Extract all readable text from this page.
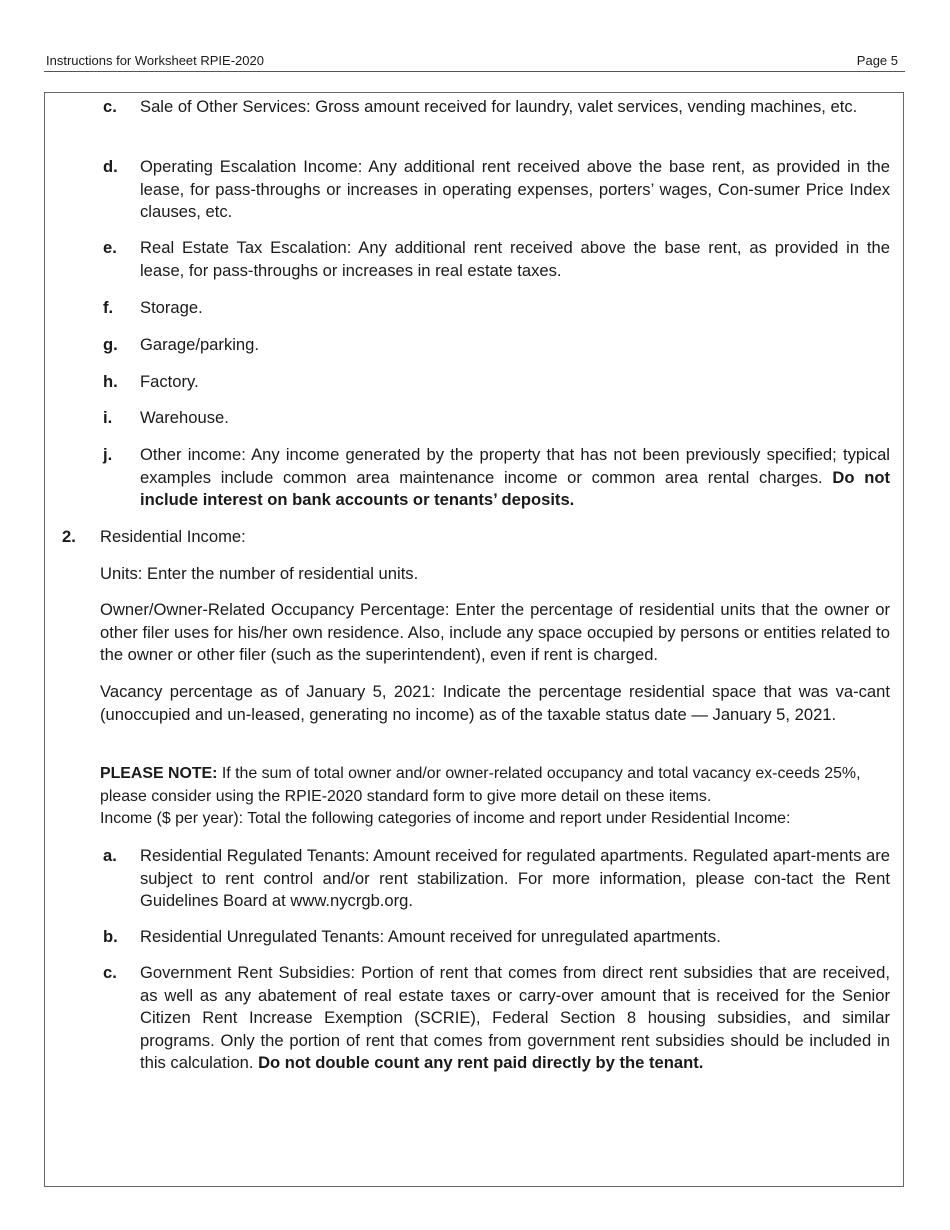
Instructions for Worksheet RPIE-2020	Page 5
c. Sale of Other Services: Gross amount received for laundry, valet services, vending machines, etc.
d. Operating Escalation Income: Any additional rent received above the base rent, as provided in the lease, for pass-throughs or increases in operating expenses, porters’ wages, Con-sumer Price Index clauses, etc.
e. Real Estate Tax Escalation: Any additional rent received above the base rent, as provided in the lease, for pass-throughs or increases in real estate taxes.
f. Storage.
g. Garage/parking.
h. Factory.
i. Warehouse.
j. Other income: Any income generated by the property that has not been previously specified; typical examples include common area maintenance income or common area rental charges. Do not include interest on bank accounts or tenants’ deposits.
2. Residential Income:
Units: Enter the number of residential units.
Owner/Owner-Related Occupancy Percentage: Enter the percentage of residential units that the owner or other filer uses for his/her own residence. Also, include any space occupied by persons or entities related to the owner or other filer (such as the superintendent), even if rent is charged.
Vacancy percentage as of January 5, 2021: Indicate the percentage residential space that was va-cant (unoccupied and un-leased, generating no income) as of the taxable status date — January 5, 2021.
PLEASE NOTE: If the sum of total owner and/or owner-related occupancy and total vacancy ex-ceeds 25%, please consider using the RPIE-2020 standard form to give more detail on these items.
Income ($ per year): Total the following categories of income and report under Residential Income:
a. Residential Regulated Tenants: Amount received for regulated apartments. Regulated apart-ments are subject to rent control and/or rent stabilization. For more information, please con-tact the Rent Guidelines Board at www.nycrgb.org.
b. Residential Unregulated Tenants: Amount received for unregulated apartments.
c. Government Rent Subsidies: Portion of rent that comes from direct rent subsidies that are received, as well as any abatement of real estate taxes or carry-over amount that is received for the Senior Citizen Rent Increase Exemption (SCRIE), Federal Section 8 housing subsidies, and similar programs. Only the portion of rent that comes from government rent subsidies should be included in this calculation. Do not double count any rent paid directly by the tenant.
